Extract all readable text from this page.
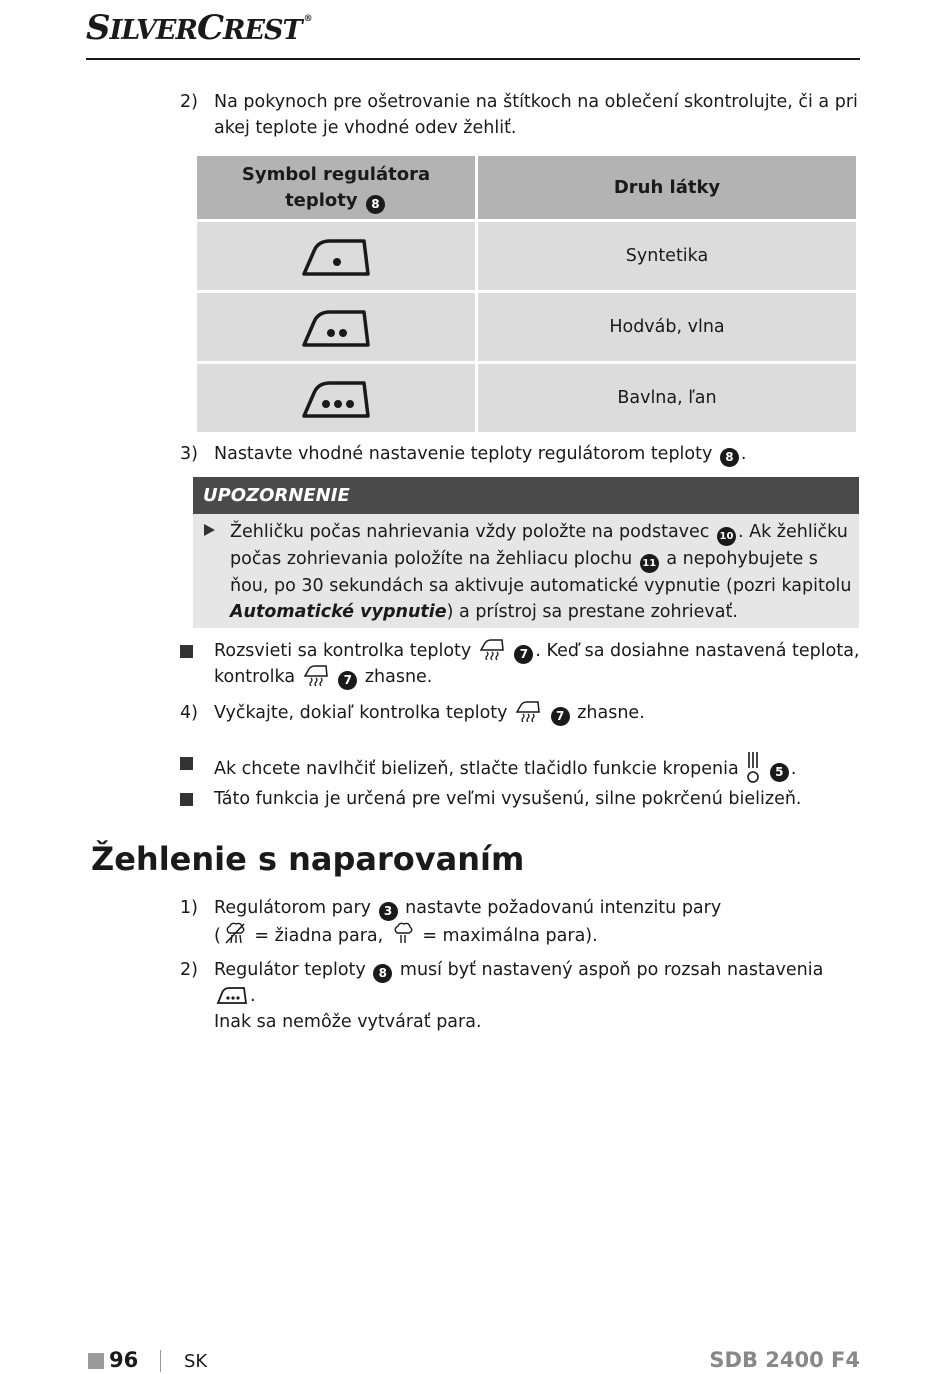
SILVERCREST ®
2) Na pokynoch pre ošetrovanie na štítkoch na oblečení skontrolujte, či a pri akej teplote je vhodné odev žehliť.
Symbol regulátora
teploty 8	Druh látky
	Syntetika
	Hodváb, vlna
	Bavlna, ľan
3) Nastavte vhodné nastavenie teploty regulátorom teploty 8 .
UPOZORNENIE
Žehličku počas nahrievania vždy položte na podstavec 10 . Ak žehličku počas zohrievania položíte na žehliacu plochu 11 a nepohybujete s ňou, po 30 sekundách sa aktivuje automatické vypnutie (pozri kapitolu Automatické vypnutie) a prístroj sa prestane zohrievať.
Rozsvieti sa kontrolka teploty	7 . Keď sa dosiahne nastavená teplota, kontrolka	7 zhasne.
4) Vyčkajte, dokiaľ kontrolka teploty	7 zhasne.
Ak chcete navlhčiť bielizeň, stlačte tlačidlo funkcie kropenia	5 .
Táto funkcia je určená pre veľmi vysušenú, silne pokrčenú bielizeň.
Žehlenie s naparovaním
1) Regulátorom pary 3 nastavte požadovanú intenzitu pary
( = žiadna para,  = maximálna para).
2) Regulátor teploty 8 musí byť nastavený aspoň po rozsah nastavenia .
Inak sa nemôže vytvárať para.
96	SK	SDB 2400 F4
